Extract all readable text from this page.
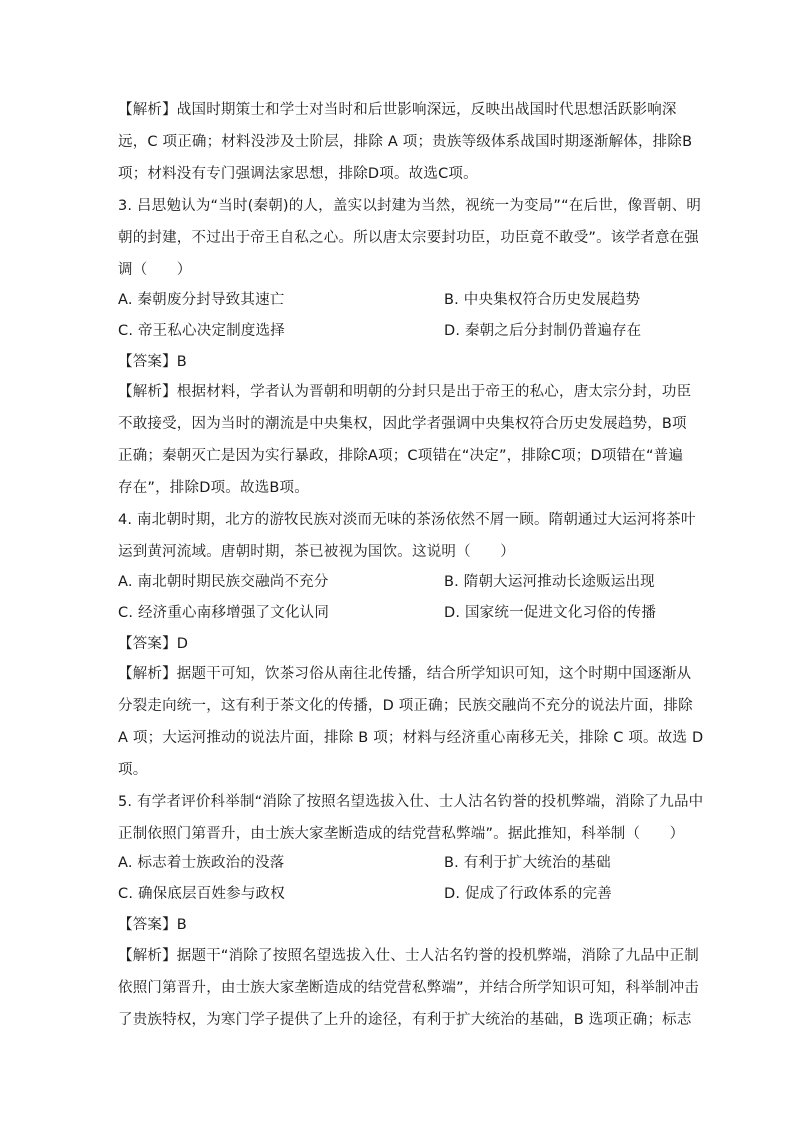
【解析】战国时期策士和学士对当时和后世影响深远，反映出战国时代思想活跃影响深
远，C 项正确；材料没涉及士阶层，排除 A 项；贵族等级体系战国时期逐渐解体，排除B
项；材料没有专门强调法家思想，排除D项。故选C项。
3. 吕思勉认为“当时(秦朝)的人，盖实以封建为当然，视统一为变局”“在后世，像晋朝、明
朝的封建，不过出于帝王自私之心。所以唐太宗要封功臣，功臣竟不敢受”。该学者意在强
调（　　）
A. 秦朝废分封导致其速亡	B. 中央集权符合历史发展趋势
C. 帝王私心决定制度选择	D. 秦朝之后分封制仍普遍存在
【答案】B
【解析】根据材料，学者认为晋朝和明朝的分封只是出于帝王的私心，唐太宗分封，功臣
不敢接受，因为当时的潮流是中央集权，因此学者强调中央集权符合历史发展趋势，B项
正确；秦朝灭亡是因为实行暴政，排除A项；C项错在“决定”，排除C项；D项错在“普遍
存在”，排除D项。故选B项。
4. 南北朝时期，北方的游牧民族对淡而无味的茶汤依然不屑一顾。隋朝通过大运河将茶叶
运到黄河流域。唐朝时期，茶已被视为国饮。这说明（　　）
A. 南北朝时期民族交融尚不充分	B. 隋朝大运河推动长途贩运出现
C. 经济重心南移增强了文化认同	D. 国家统一促进文化习俗的传播
【答案】D
【解析】据题干可知，饮茶习俗从南往北传播，结合所学知识可知，这个时期中国逐渐从
分裂走向统一，这有利于茶文化的传播，D 项正确；民族交融尚不充分的说法片面，排除
A 项；大运河推动的说法片面，排除 B 项；材料与经济重心南移无关，排除 C 项。故选 D
项。
5. 有学者评价科举制“消除了按照名望选拔入仕、士人沽名钓誉的投机弊端，消除了九品中
正制依照门第晋升，由士族大家垄断造成的结党营私弊端”。据此推知，科举制（　　）
A. 标志着士族政治的没落	B. 有利于扩大统治的基础
C. 确保底层百姓参与政权	D. 促成了行政体系的完善
【答案】B
【解析】据题干“消除了按照名望选拔入仕、士人沽名钓誉的投机弊端，消除了九品中正制
依照门第晋升，由士族大家垄断造成的结党营私弊端”，并结合所学知识可知，科举制冲击
了贵族特权，为寒门学子提供了上升的途径，有利于扩大统治的基础，B 选项正确；标志
